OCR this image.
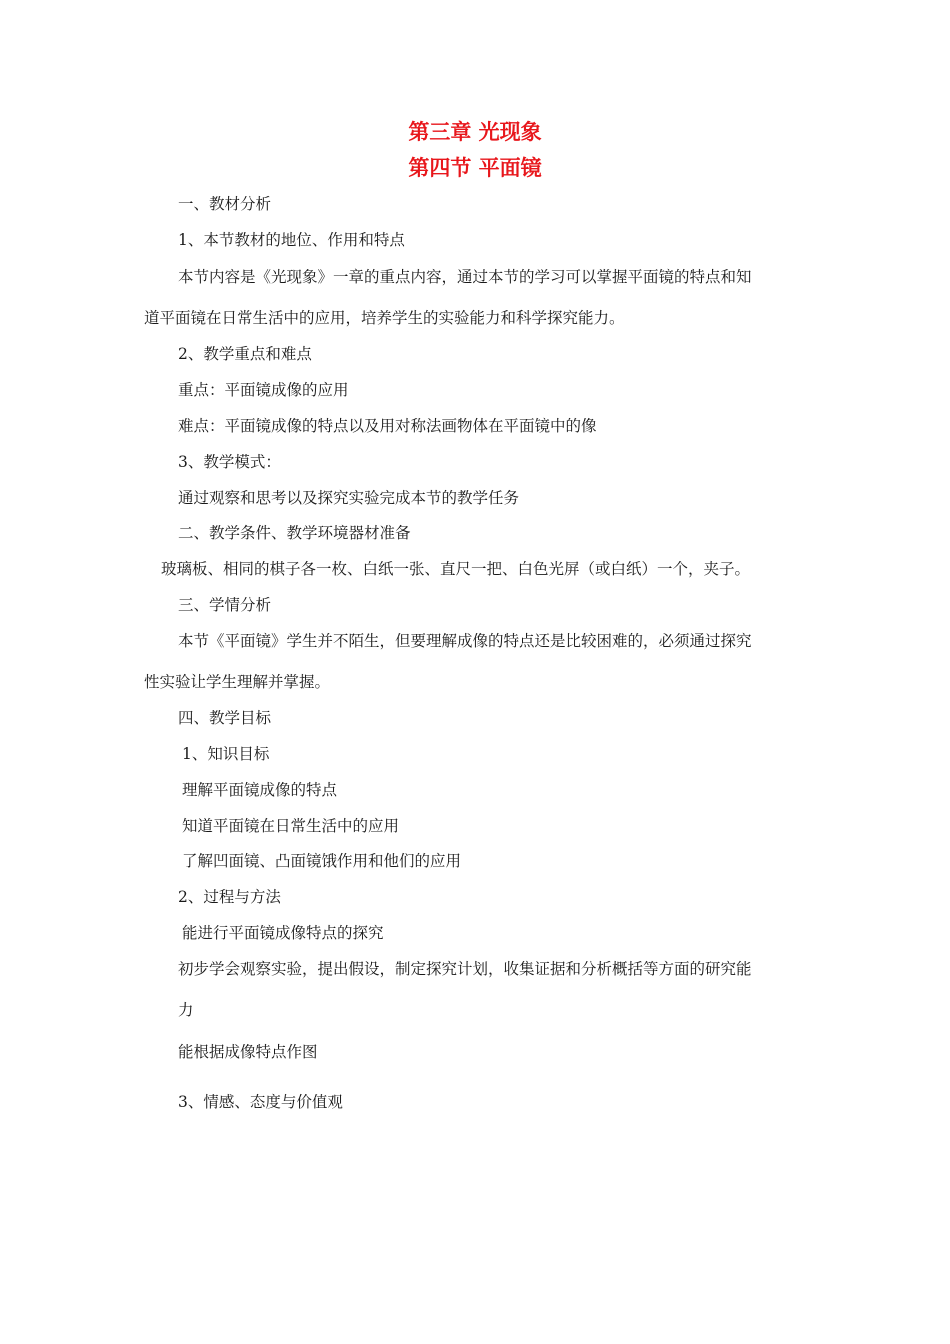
第三章 光现象
第四节 平面镜
一、教材分析
1、本节教材的地位、作用和特点
本节内容是《光现象》一章的重点内容，通过本节的学习可以掌握平面镜的特点和知
道平面镜在日常生活中的应用，培养学生的实验能力和科学探究能力。
2、教学重点和难点
重点：平面镜成像的应用
难点：平面镜成像的特点以及用对称法画物体在平面镜中的像
3、教学模式：
通过观察和思考以及探究实验完成本节的教学任务
二、教学条件、教学环境器材准备
玻璃板、相同的棋子各一枚、白纸一张、直尺一把、白色光屏（或白纸）一个，夹子。
三、学情分析
本节《平面镜》学生并不陌生，但要理解成像的特点还是比较困难的，必须通过探究
性实验让学生理解并掌握。
四、教学目标
1、知识目标
理解平面镜成像的特点
知道平面镜在日常生活中的应用
了解凹面镜、凸面镜饿作用和他们的应用
2、过程与方法
能进行平面镜成像特点的探究
初步学会观察实验，提出假设，制定探究计划，收集证据和分析概括等方面的研究能
力
能根据成像特点作图
3、情感、态度与价值观
